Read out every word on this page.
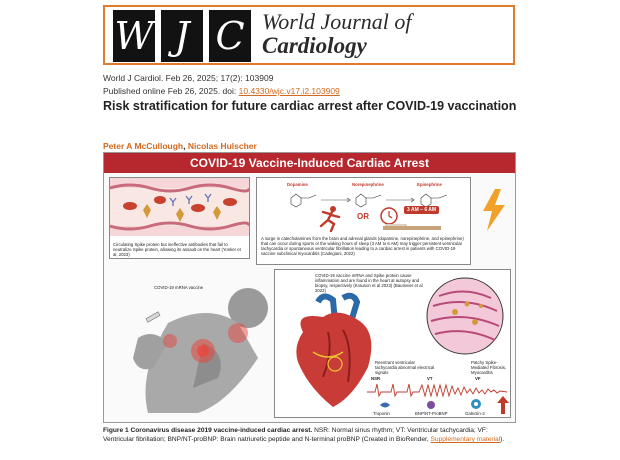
W J C World Journal of
Cardiology
World J Cardiol. Feb 26, 2025; 17(2): 103909
Published online Feb 26, 2025. doi: 10.4330/wjc.v17.i2.103909
Risk stratification for future cardiac arrest after COVID-19 vaccination
Peter A McCullough, Nicolas Hulscher
COVID-19 Vaccine-Induced Cardiac Arrest
Circulating Spike protein but ineffective antibodies that fail to neutralize Spike protein, allowing its assault on the heart (Yonker et al, 2023)
Dopamine	Norepinephrine	Epinephrine
OR
3 AM – 6 AM
A surge in catecholamines from the brain and adrenal glands (dopamine, norepinephrine, and epinephrine) that can occur during sports or the waking hours of sleep (3 AM to 6 AM) may trigger persistent ventricular tachycardia or spontaneous ventricular fibrillation leading to a cardiac arrest in patients with COVID-19 vaccine subclinical myocarditis (Cadegiani, 2022)
COVID-19 mRNA vaccine
COVID-19 vaccine mRNA and Spike protein cause inflammation and are found in the heart at autopsy and biopsy, respectively (Krauson et al 2023) (Baumeier et al 2022)
Patchy Spike-Mediated Fibrosis, Myocarditis
Reentrant ventricular tachycardia abnormal electrical signals
NSR	VT	VF
Troponin	BNP/NT-ProBNP	Galectin-3
Figure 1 Coronavirus disease 2019 vaccine-induced cardiac arrest. NSR: Normal sinus rhythm; VT: Ventricular tachycardia; VF: Ventricular fibrillation; BNP/NT-proBNP: Brain natriuretic peptide and N-terminal proBNP (Created in BioRender, Supplementary material).
